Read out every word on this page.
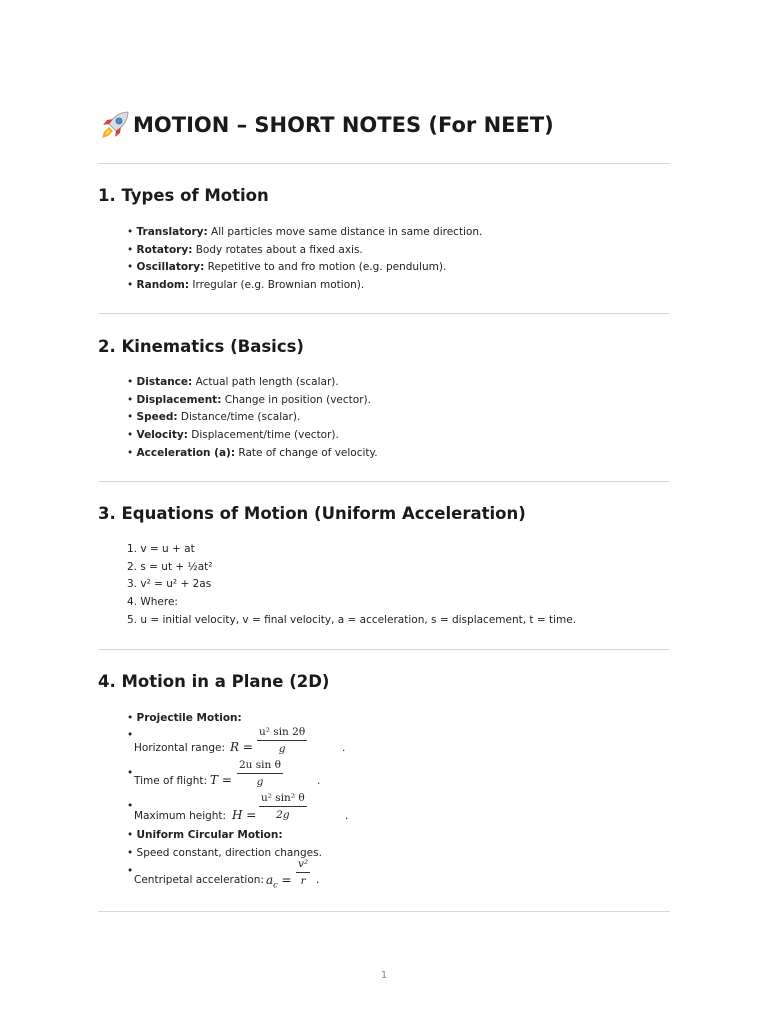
MOTION – SHORT NOTES (For NEET)
1. Types of Motion
• Translatory: All particles move same distance in same direction.
• Rotatory: Body rotates about a fixed axis.
• Oscillatory: Repetitive to and fro motion (e.g. pendulum).
• Random: Irregular (e.g. Brownian motion).
2. Kinematics (Basics)
• Distance: Actual path length (scalar).
• Displacement: Change in position (vector).
• Speed: Distance/time (scalar).
• Velocity: Displacement/time (vector).
• Acceleration (a): Rate of change of velocity.
3. Equations of Motion (Uniform Acceleration)
1. v = u + at
2. s = ut + ½at²
3. v² = u² + 2as
4. Where:
5. u = initial velocity, v = final velocity, a = acceleration, s = displacement, t = time.
4. Motion in a Plane (2D)
• Projectile Motion:
•
Horizontal range: $R = \frac{\text{u² sin 2θ}}{g}$	.
•
Time of flight: $T = \frac{\text{2u sin θ}}{g}$	.
•
Maximum height: $H = \frac{\text{u² sin² θ}}{2g}$	.
• Uniform Circular Motion:
• Speed constant, direction changes.
•
Centripetal acceleration: $a_c = \frac{\text{v²}}{r}$ .
1
